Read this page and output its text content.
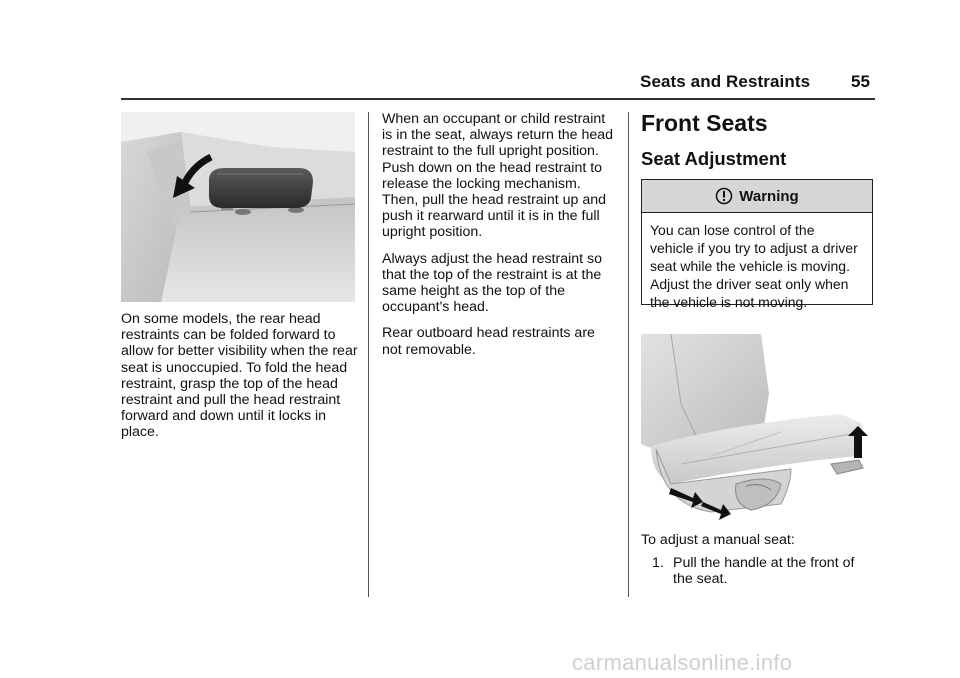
Seats and Restraints 55

On some models, the rear head restraints can be folded forward to allow for better visibility when the rear seat is unoccupied. To fold the head restraint, grasp the top of the head restraint and pull the head restraint forward and down until it locks in place.

When an occupant or child restraint is in the seat, always return the head restraint to the full upright position. Push down on the head restraint to release the locking mechanism. Then, pull the head restraint up and push it rearward until it is in the full upright position.

Always adjust the head restraint so that the top of the restraint is at the same height as the top of the occupant's head.

Rear outboard head restraints are not removable.

Front Seats
Seat Adjustment
Warning
You can lose control of the
vehicle if you try to adjust a driver
seat while the vehicle is moving.
Adjust the driver seat only when
the vehicle is not moving.
To adjust a manual seat:
1. Pull the handle at the front of the seat.
carmanualsonline.info
